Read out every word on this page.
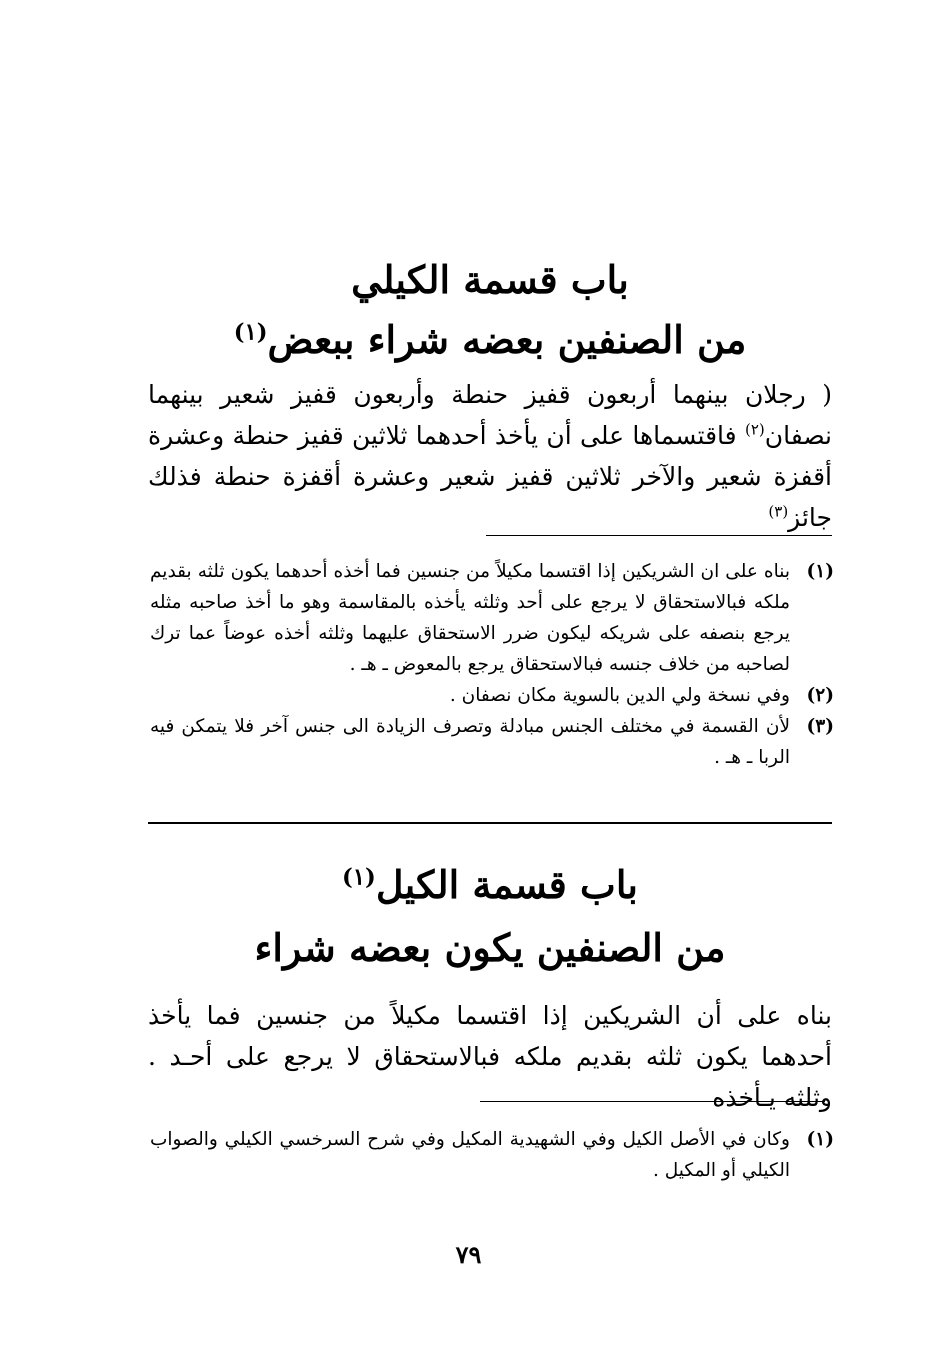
باب قسمة الكيلي
من الصنفين بعضه شراء ببعض$^{(١)}$

( رجلان بينهما أربعون قفيز حنطة وأربعون قفيز شعير بينهما نصفان$^{(٢)}$ فاقتسماها على أن يأخذ أحدهما ثلاثين قفيز حنطة وعشرة أقفزة شعير والآخر ثلاثين قفيز شعير وعشرة أقفزة حنطة فذلك جائز$^{(٣)}$

(١)
بناه على ان الشريكين إذا اقتسما مكيلاً من جنسين فما أخذه أحدهما يكون ثلثه بقديم ملكه فبالاستحقاق لا يرجع على أحد وثلثه يأخذه بالمقاسمة وهو ما أخذ صاحبه مثله يرجع بنصفه على شريكه ليكون ضرر الاستحقاق عليهما وثلثه أخذه عوضاً عما ترك لصاحبه من خلاف جنسه فبالاستحقاق يرجع بالمعوض ـ هـ .
(٢)
وفي نسخة ولي الدين بالسوية مكان نصفان .
(٣)
لأن القسمة في مختلف الجنس مبادلة وتصرف الزيادة الى جنس آخر فلا يتمكن فيه الربا ـ هـ .
باب قسمة الكيل$^{(١)}$
من الصنفين يكون بعضه شراء

بناه على أن الشريكين إذا اقتسما مكيلاً من جنسين فما يأخذ أحدهما يكون ثلثه بقديم ملكه فبالاستحقاق لا يرجع على أحـد . وثلثه يـأخذه

(١)
وكان في الأصل الكيل وفي الشهيدية المكيل وفي شرح السرخسي الكيلي والصواب الكيلي أو المكيل .
٧٩
